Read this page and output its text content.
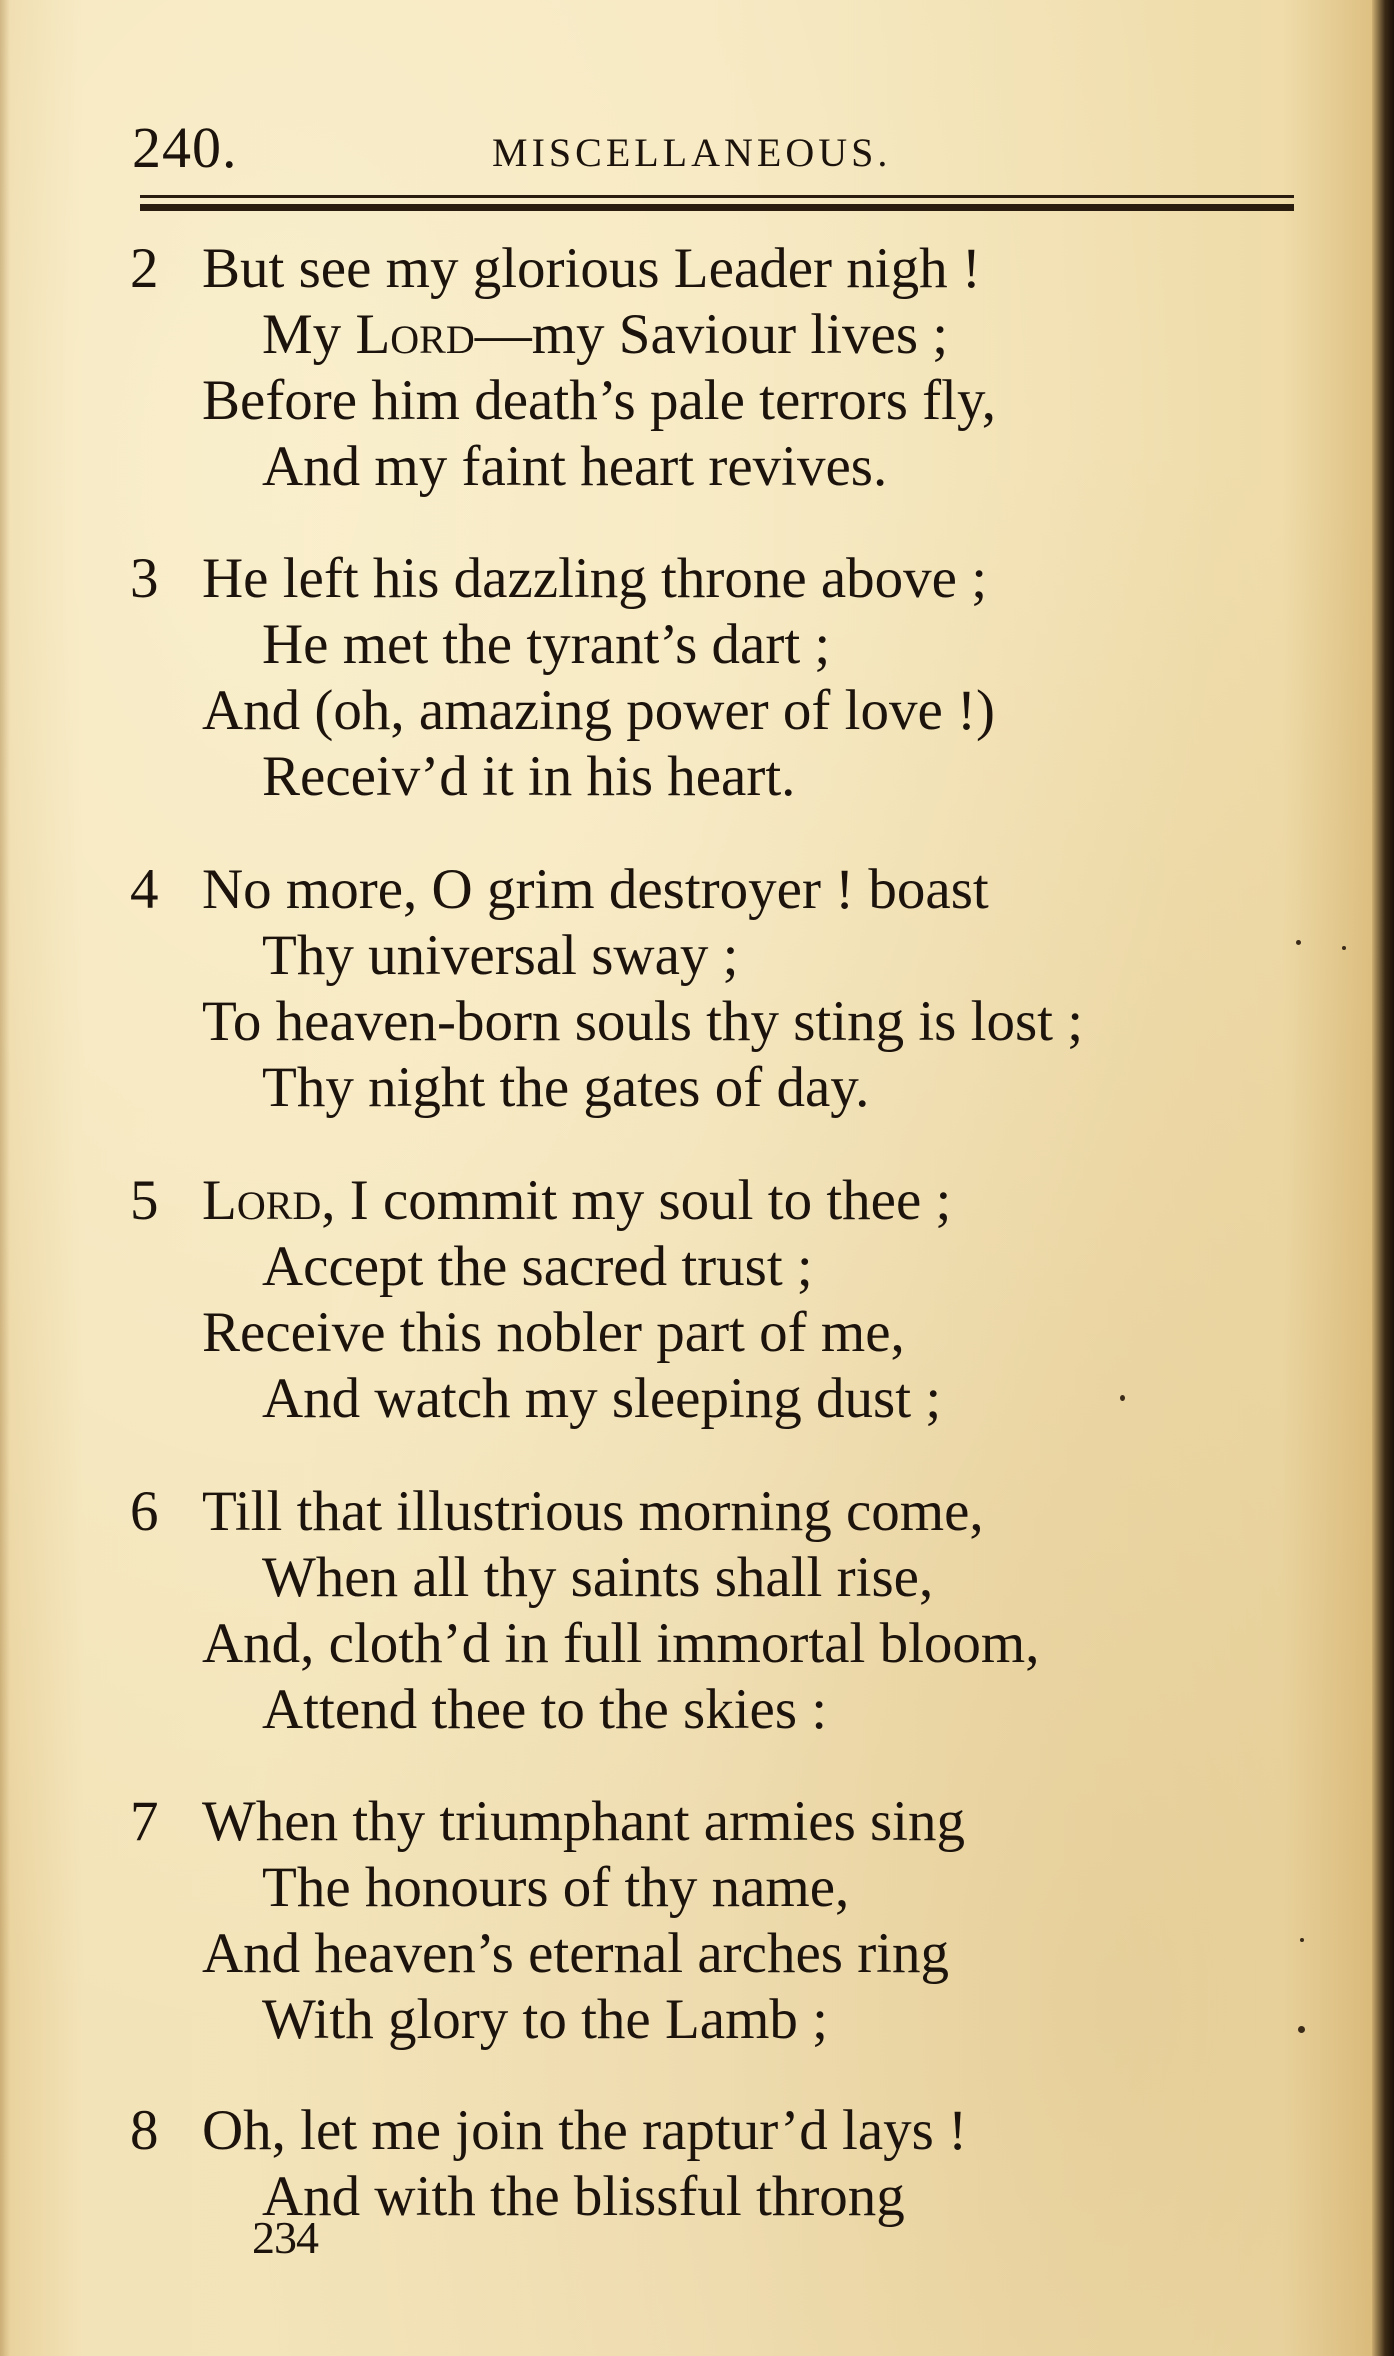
240.	MISCELLANEOUS.
2 But see my glorious Leader nigh !
My Lord—my Saviour lives ;
Before him death’s pale terrors fly,
And my faint heart revives.
3 He left his dazzling throne above ;
He met the tyrant’s dart ;
And (oh, amazing power of love !)
Receiv’d it in his heart.
4 No more, O grim destroyer ! boast
Thy universal sway ;
To heaven-born souls thy sting is lost ;
Thy night the gates of day.
5 Lord, I commit my soul to thee ;
Accept the sacred trust ;
Receive this nobler part of me,
And watch my sleeping dust ;
6 Till that illustrious morning come,
When all thy saints shall rise,
And, cloth’d in full immortal bloom,
Attend thee to the skies :
7 When thy triumphant armies sing
The honours of thy name,
And heaven’s eternal arches ring
With glory to the Lamb ;
8 Oh, let me join the raptur’d lays !
And with the blissful throng
234
